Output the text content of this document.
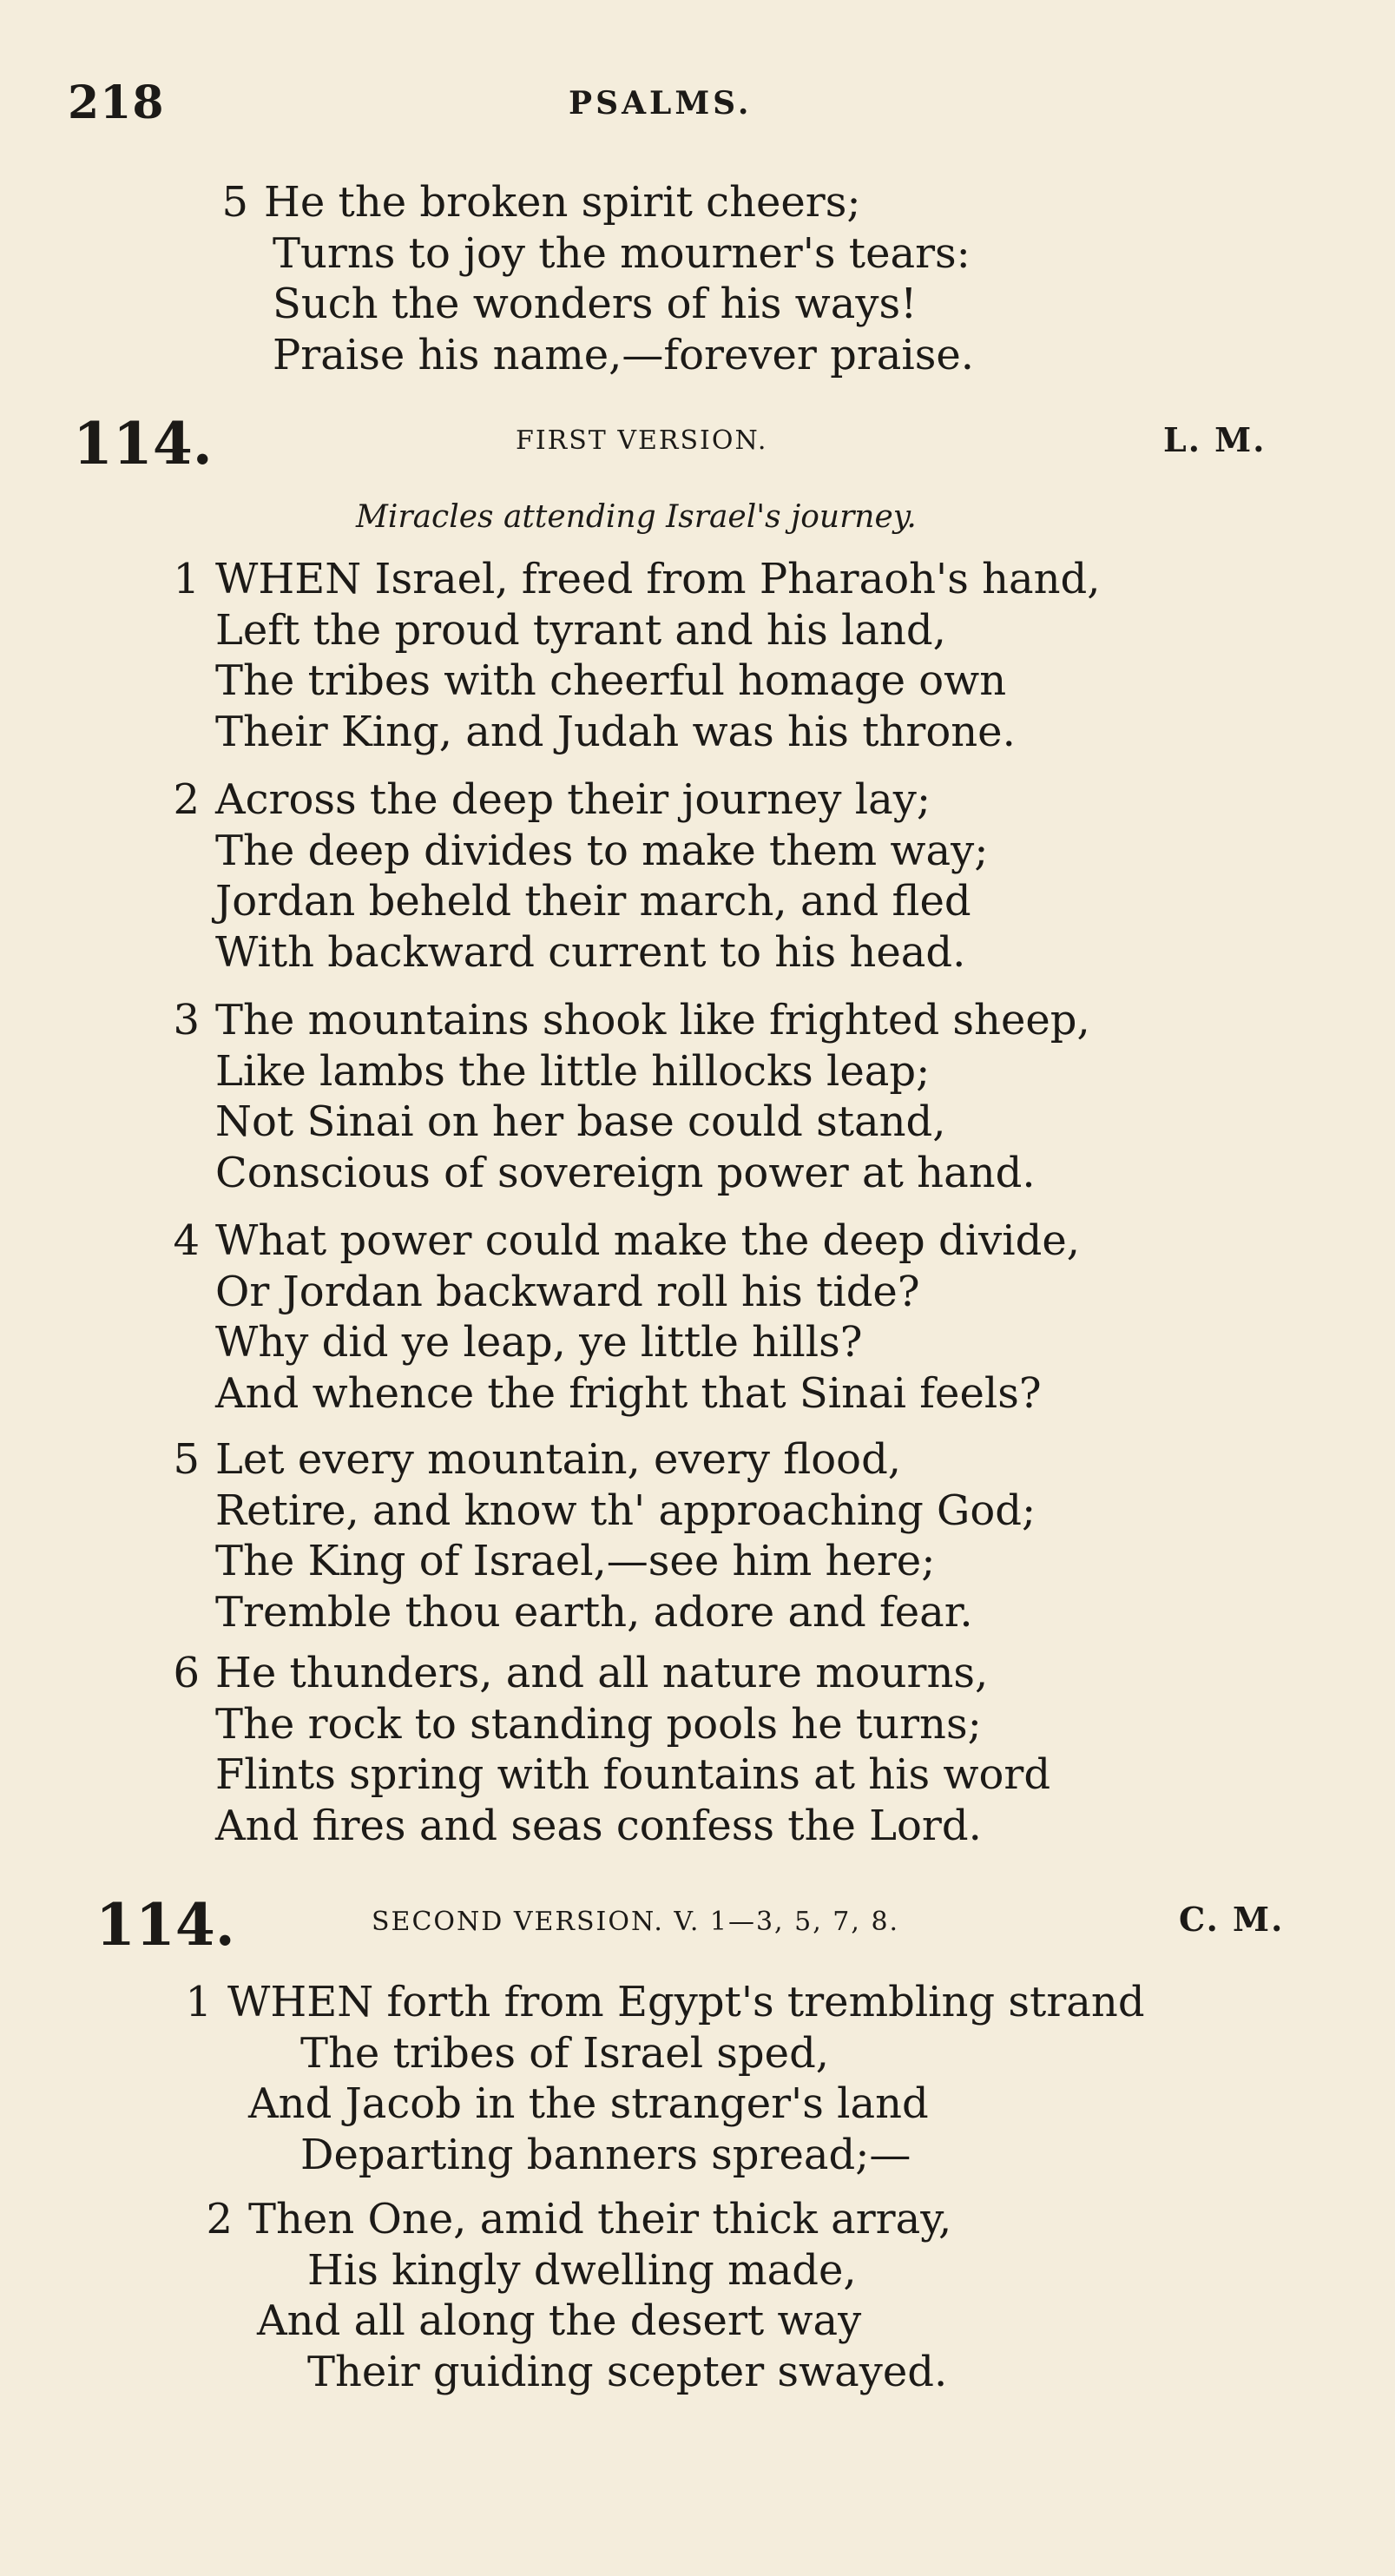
218	PSALMS.
5 He the broken spirit cheers;
Turns to joy the mourner's tears:
Such the wonders of his ways!
Praise his name,—forever praise.
114.	FIRST VERSION.	L. M.
Miracles attending Israel's journey.
1 WHEN Israel, freed from Pharaoh's hand,
Left the proud tyrant and his land,
The tribes with cheerful homage own
Their King, and Judah was his throne.
2 Across the deep their journey lay;
The deep divides to make them way;
Jordan beheld their march, and fled
With backward current to his head.
3 The mountains shook like frighted sheep,
Like lambs the little hillocks leap;
Not Sinai on her base could stand,
Conscious of sovereign power at hand.
4 What power could make the deep divide,
Or Jordan backward roll his tide?
Why did ye leap, ye little hills?
And whence the fright that Sinai feels?
5 Let every mountain, every flood,
Retire, and know th' approaching God;
The King of Israel,—see him here;
Tremble thou earth, adore and fear.
6 He thunders, and all nature mourns,
The rock to standing pools he turns;
Flints spring with fountains at his word
And fires and seas confess the Lord.
114.	SECOND VERSION. V. 1—3, 5, 7, 8.	C. M.
1 WHEN forth from Egypt's trembling strand
The tribes of Israel sped,
And Jacob in the stranger's land
Departing banners spread;—
2 Then One, amid their thick array,
His kingly dwelling made,
And all along the desert way
Their guiding scepter swayed.
